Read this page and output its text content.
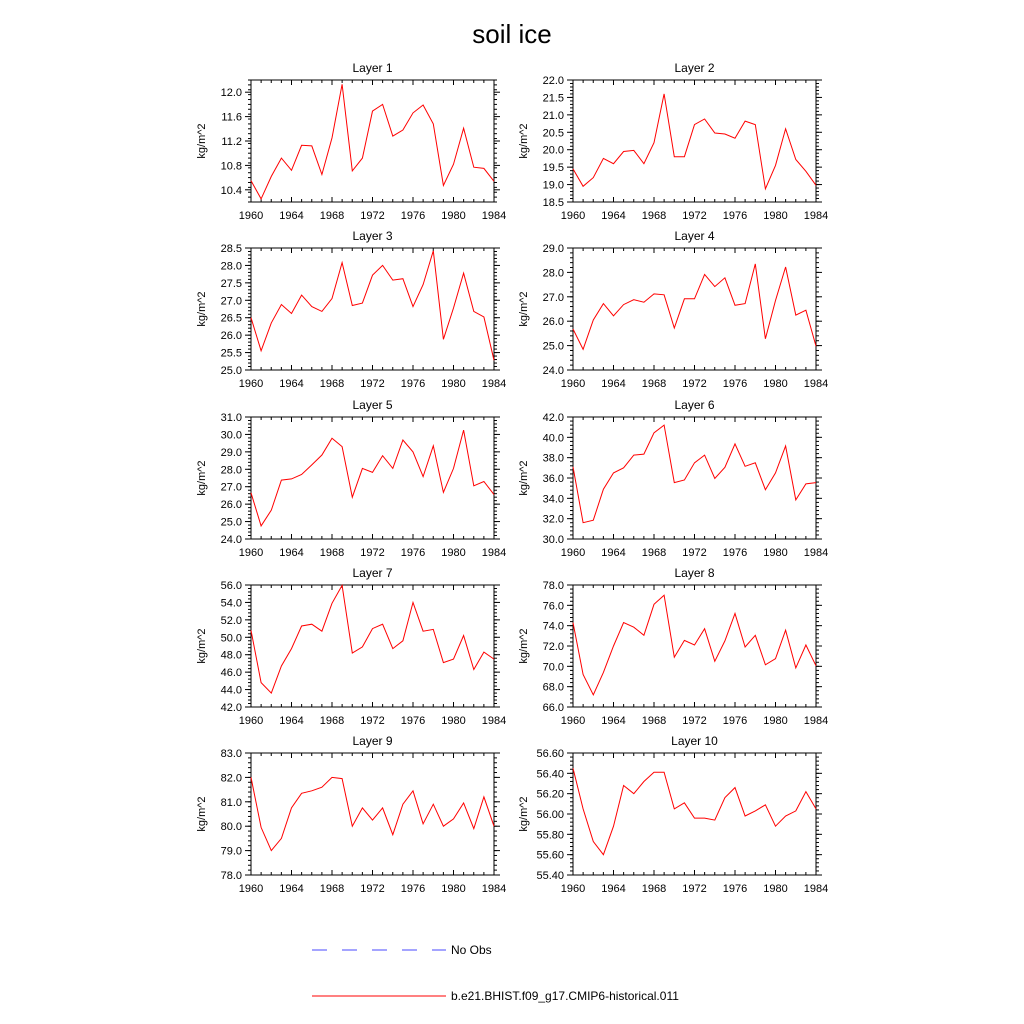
soil ice
Layer 1
kg/m^2
1960 1964 1968 1972 1976 1980 1984
10.4
10.8
11.2
11.6
12.0
Layer 2
kg/m^2
1960 1964 1968 1972 1976 1980 1984
18.5
19.0
19.5
20.0
20.5
21.0
21.5
22.0
Layer 3
kg/m^2
1960 1964 1968 1972 1976 1980 1984
25.0
25.5
26.0
26.5
27.0
27.5
28.0
28.5
Layer 4
kg/m^2
1960 1964 1968 1972 1976 1980 1984
24.0
25.0
26.0
27.0
28.0
29.0
Layer 5
kg/m^2
1960 1964 1968 1972 1976 1980 1984
24.0
25.0
26.0
27.0
28.0
29.0
30.0
31.0
Layer 6
kg/m^2
1960 1964 1968 1972 1976 1980 1984
30.0
32.0
34.0
36.0
38.0
40.0
42.0
Layer 7
kg/m^2
1960 1964 1968 1972 1976 1980 1984
42.0
44.0
46.0
48.0
50.0
52.0
54.0
56.0
Layer 8
kg/m^2
1960 1964 1968 1972 1976 1980 1984
66.0
68.0
70.0
72.0
74.0
76.0
78.0
Layer 9
kg/m^2
1960 1964 1968 1972 1976 1980 1984
78.0
79.0
80.0
81.0
82.0
83.0
Layer 10
kg/m^2
1960 1964 1968 1972 1976 1980 1984
55.40
55.60
55.80
56.00
56.20
56.40
56.60
No Obs
b.e21.BHIST.f09_g17.CMIP6-historical.011
